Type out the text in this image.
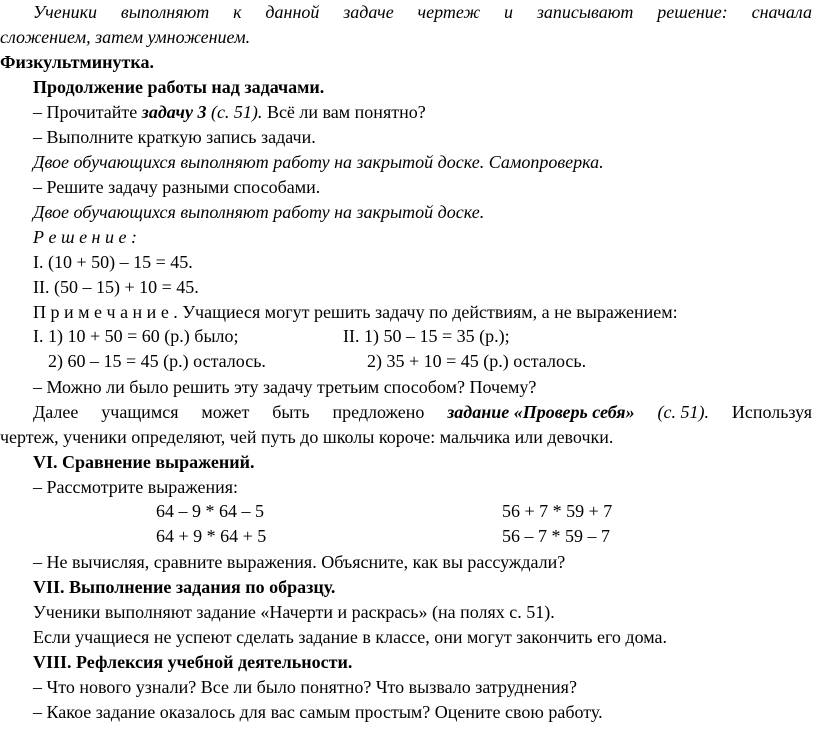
Ученики выполняют к данной задаче чертеж и записывают решение: сначала
сложением, затем умножением.
Физкультминутка.
Продолжение работы над задачами.
– Прочитайте задачу 3 (с. 51). Всё ли вам понятно?
– Выполните краткую запись задачи.
Двое обучающихся выполняют работу на закрытой доске. Самопроверка.
– Решите задачу разными способами.
Двое обучающихся выполняют работу на закрытой доске.
Р е ш е н и е :
I. (10 + 50) – 15 = 45.
II. (50 – 15) + 10 = 45.
П р и м е ч а н и е . Учащиеся могут решить задачу по действиям, а не выражением:
I. 1) 10 + 50 = 60 (р.) было;	II. 1) 50 – 15 = 35 (р.);
2) 60 – 15 = 45 (р.) осталось.	2) 35 + 10 = 45 (р.) осталось.
– Можно ли было решить эту задачу третьим способом? Почему?
Далее учащимся может быть предложено задание «Проверь себя» (с. 51). Используя
чертеж, ученики определяют, чей путь до школы короче: мальчика или девочки.
VI. Сравнение выражений.
– Рассмотрите выражения:
64 – 9 * 64 – 5	56 + 7 * 59 + 7
64 + 9 * 64 + 5	56 – 7 * 59 – 7
– Не вычисляя, сравните выражения. Объясните, как вы рассуждали?
VII. Выполнение задания по образцу.
Ученики выполняют задание «Начерти и раскрась» (на полях с. 51).
Если учащиеся не успеют сделать задание в классе, они могут закончить его дома.
VIII. Рефлексия учебной деятельности.
– Что нового узнали? Все ли было понятно? Что вызвало затруднения?
– Какое задание оказалось для вас самым простым? Оцените свою работу.
